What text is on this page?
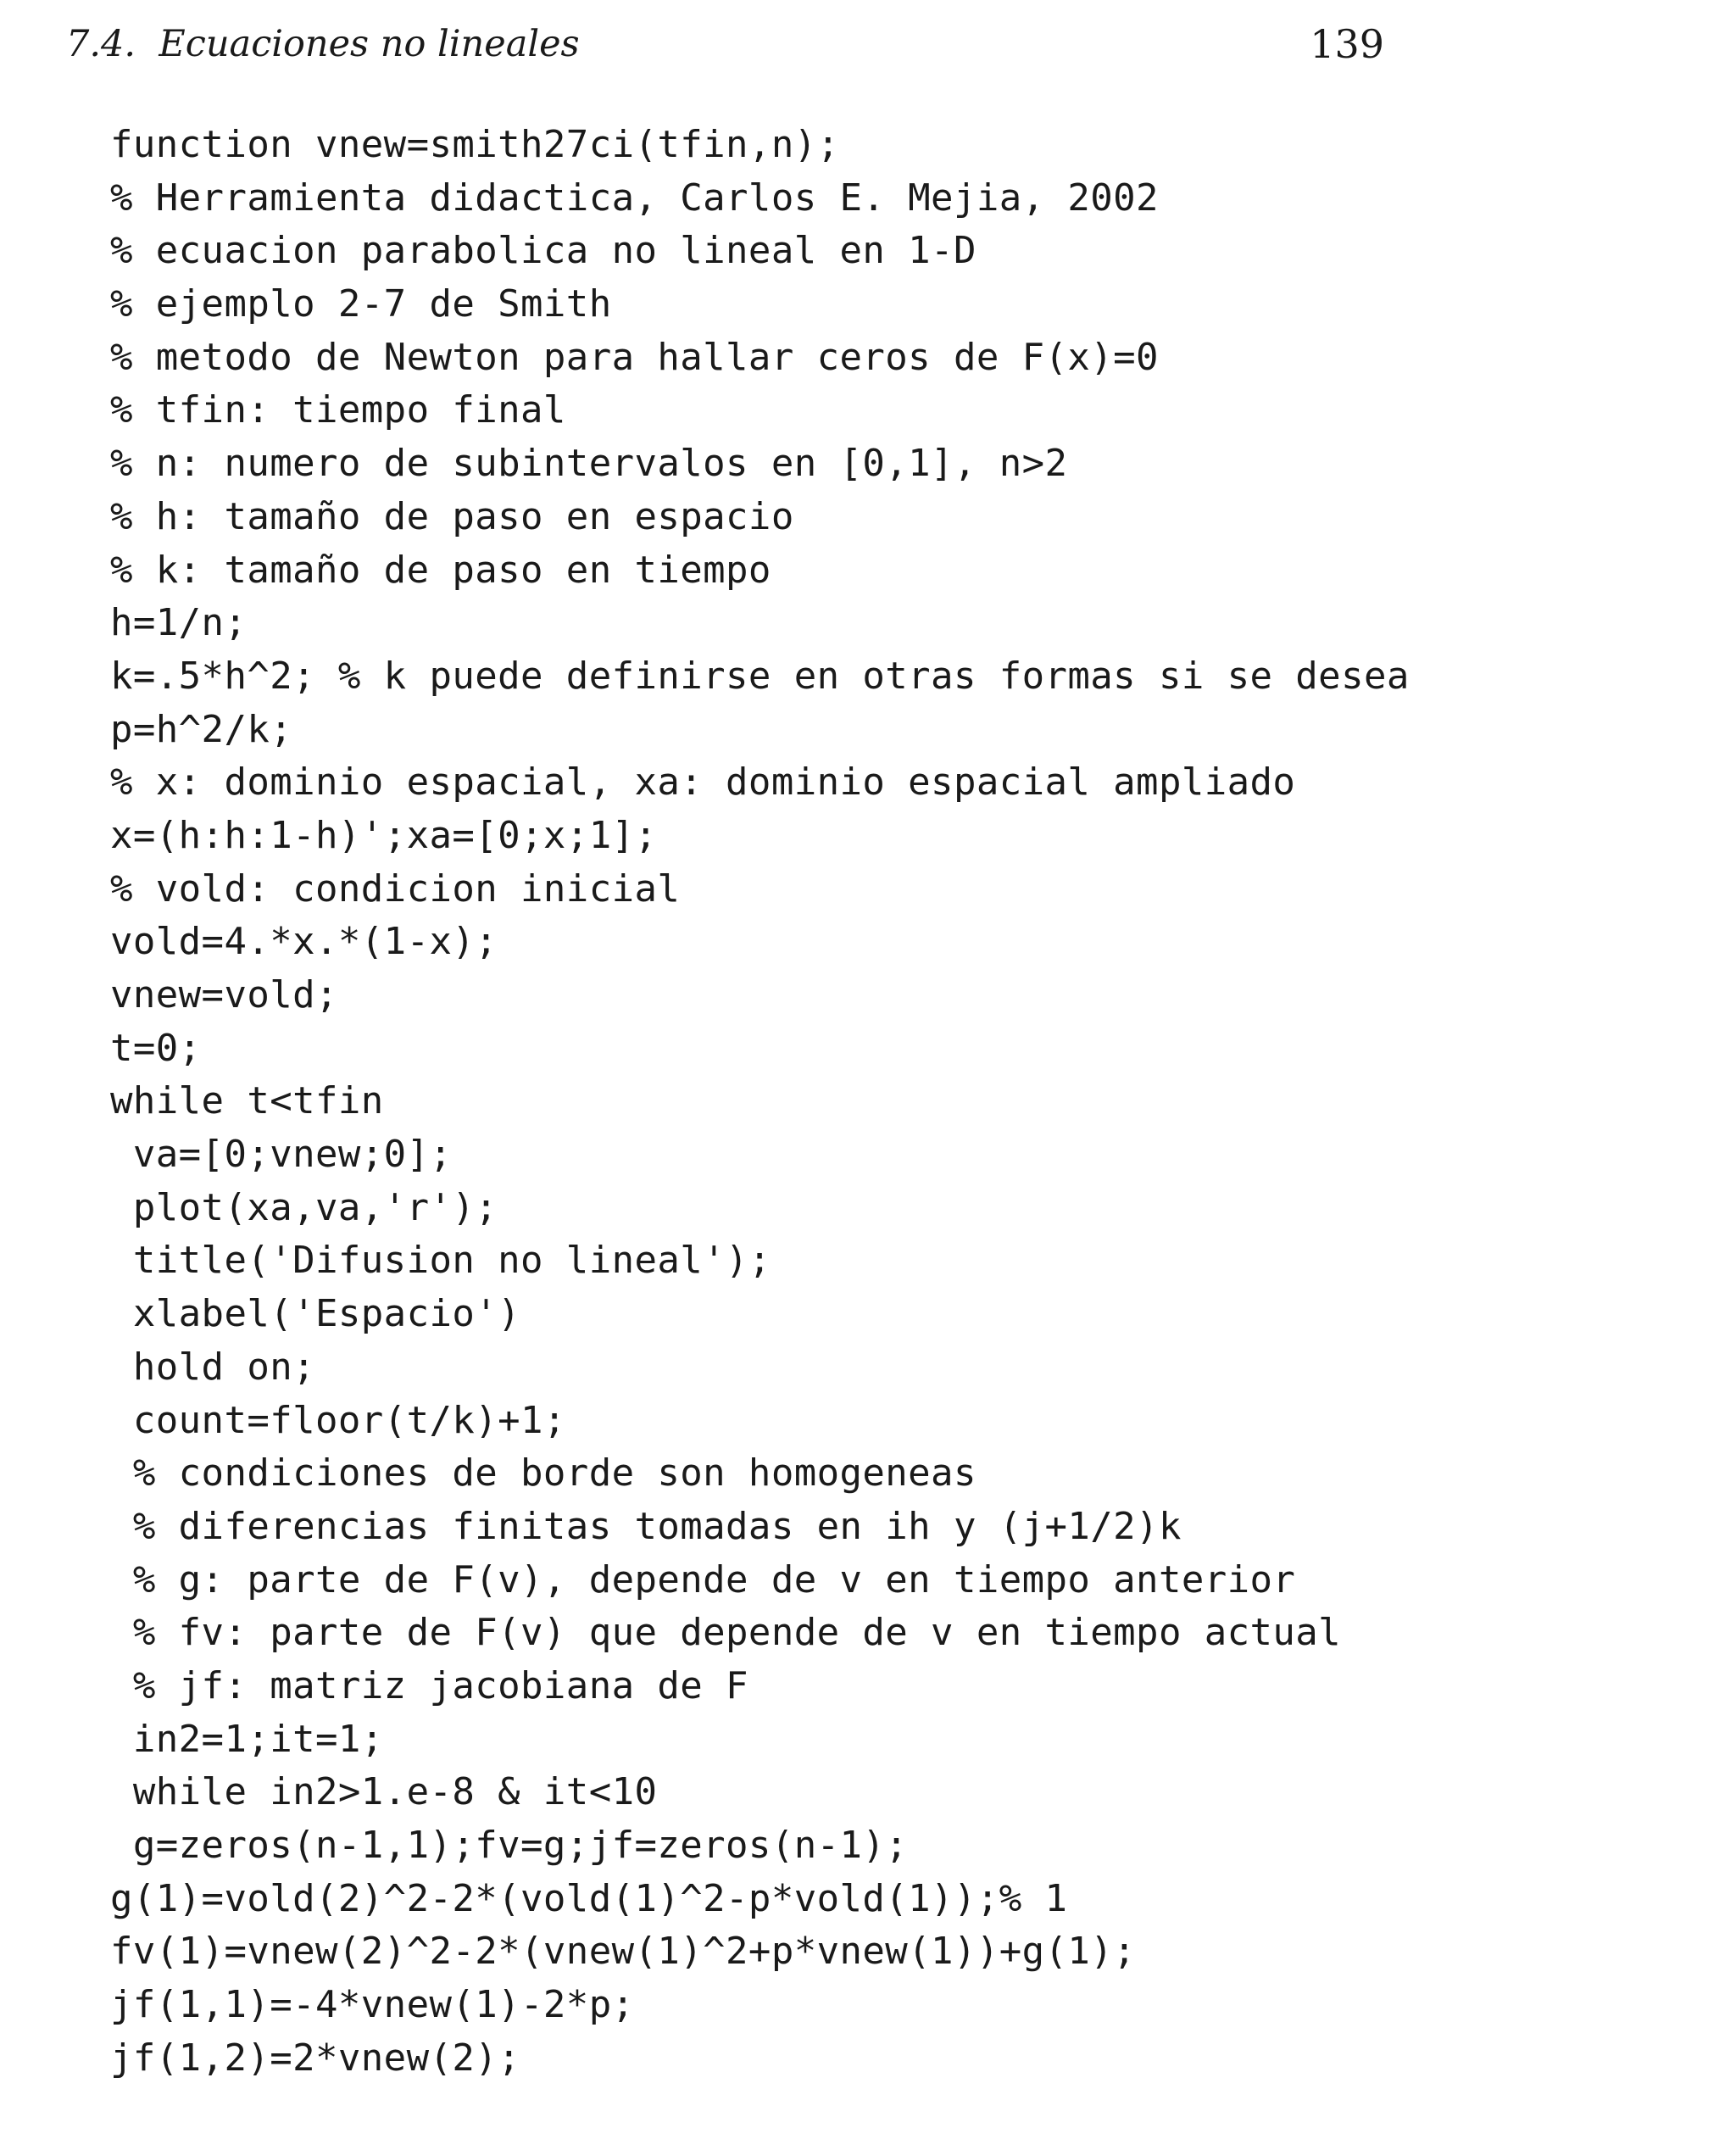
7.4.  Ecuaciones no lineales	139
function vnew=smith27ci(tfin,n);
% Herramienta didactica, Carlos E. Mejia, 2002
% ecuacion parabolica no lineal en 1-D
% ejemplo 2-7 de Smith
% metodo de Newton para hallar ceros de F(x)=0
% tfin: tiempo final
% n: numero de subintervalos en [0,1], n>2
% h: tamaño de paso en espacio
% k: tamaño de paso en tiempo
h=1/n;
k=.5*h^2; % k puede definirse en otras formas si se desea
p=h^2/k;
% x: dominio espacial, xa: dominio espacial ampliado
x=(h:h:1-h)';xa=[0;x;1];
% vold: condicion inicial
vold=4.*x.*(1-x);
vnew=vold;
t=0;
while t<tfin
va=[0;vnew;0];
plot(xa,va,'r');
title('Difusion no lineal');
xlabel('Espacio')
hold on;
count=floor(t/k)+1;
% condiciones de borde son homogeneas
% diferencias finitas tomadas en ih y (j+1/2)k
% g: parte de F(v), depende de v en tiempo anterior
% fv: parte de F(v) que depende de v en tiempo actual
% jf: matriz jacobiana de F
in2=1;it=1;
while in2>1.e-8 & it<10
g=zeros(n-1,1);fv=g;jf=zeros(n-1);
g(1)=vold(2)^2-2*(vold(1)^2-p*vold(1));% 1
fv(1)=vnew(2)^2-2*(vnew(1)^2+p*vnew(1))+g(1);
jf(1,1)=-4*vnew(1)-2*p;
jf(1,2)=2*vnew(2);
